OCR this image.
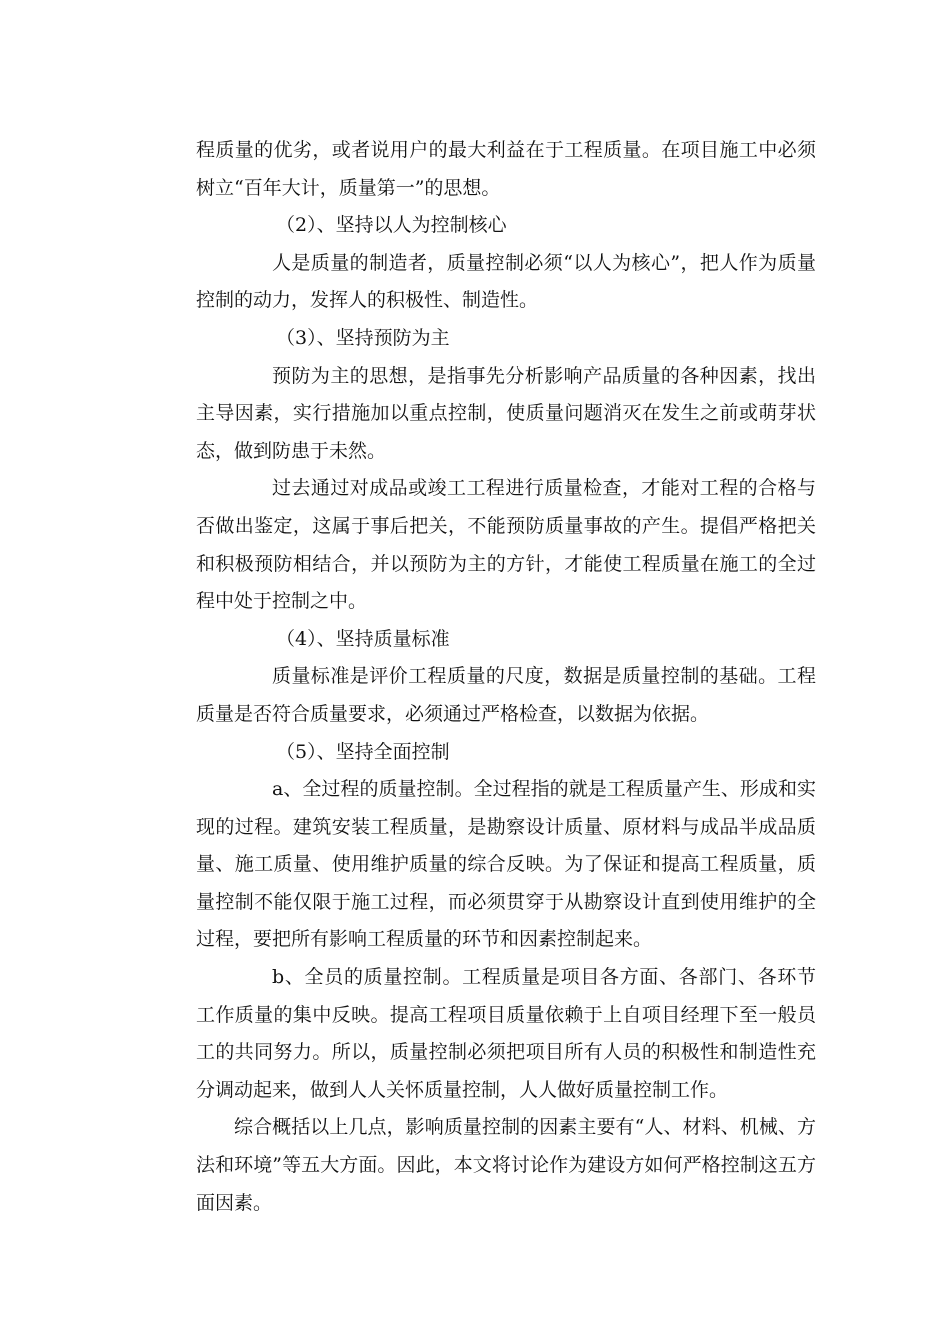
程质量的优劣，或者说用户的最大利益在于工程质量。在项目施工中必须树立“百年大计，质量第一”的思想。

（2）、坚持以人为控制核心

人是质量的制造者，质量控制必须“以人为核心”，把人作为质量控制的动力，发挥人的积极性、制造性。

（3）、坚持预防为主

预防为主的思想，是指事先分析影响产品质量的各种因素，找出主导因素，实行措施加以重点控制，使质量问题消灭在发生之前或萌芽状态，做到防患于未然。

过去通过对成品或竣工工程进行质量检查，才能对工程的合格与否做出鉴定，这属于事后把关，不能预防质量事故的产生。提倡严格把关和积极预防相结合，并以预防为主的方针，才能使工程质量在施工的全过程中处于控制之中。

（4）、坚持质量标准

质量标准是评价工程质量的尺度，数据是质量控制的基础。工程质量是否符合质量要求，必须通过严格检查，以数据为依据。

（5）、坚持全面控制

a、全过程的质量控制。全过程指的就是工程质量产生、形成和实现的过程。建筑安装工程质量，是勘察设计质量、原材料与成品半成品质量、施工质量、使用维护质量的综合反映。为了保证和提高工程质量，质量控制不能仅限于施工过程，而必须贯穿于从勘察设计直到使用维护的全过程，要把所有影响工程质量的环节和因素控制起来。

b、全员的质量控制。工程质量是项目各方面、各部门、各环节工作质量的集中反映。提高工程项目质量依赖于上自项目经理下至一般员工的共同努力。所以，质量控制必须把项目所有人员的积极性和制造性充分调动起来，做到人人关怀质量控制，人人做好质量控制工作。

综合概括以上几点，影响质量控制的因素主要有“人、材料、机械、方法和环境”等五大方面。因此，本文将讨论作为建设方如何严格控制这五方面因素。
